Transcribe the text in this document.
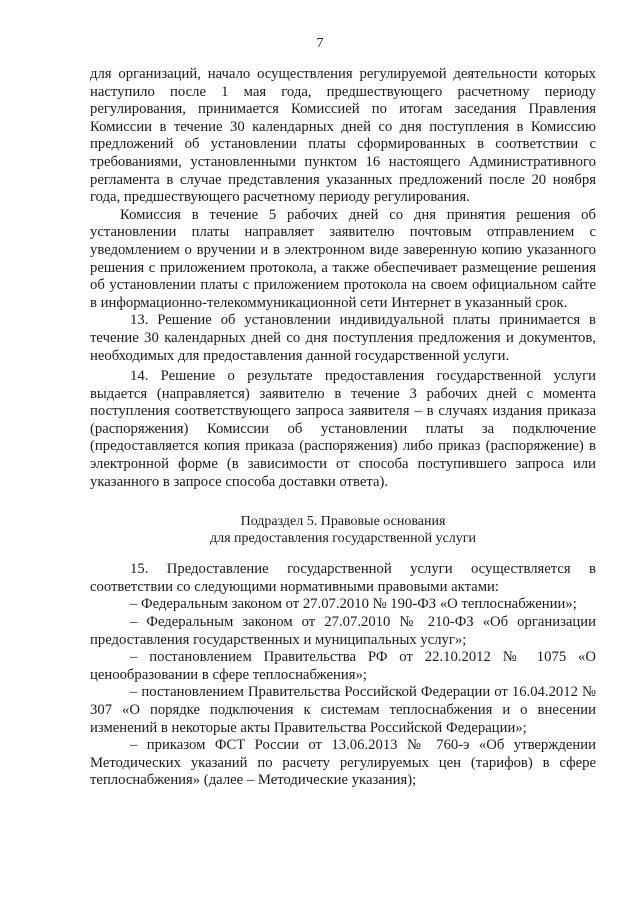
7

для организаций, начало осуществления регулируемой деятельности которых наступило после 1 мая года, предшествующего расчетному периоду регулирования, принимается Комиссией по итогам заседания Правления Комиссии в течение 30 календарных дней со дня поступления в Комиссию предложений об установлении платы сформированных в соответствии с требованиями, установленными пунктом 16 настоящего Административного регламента в случае представления указанных предложений после 20 ноября года, предшествующего расчетному периоду регулирования.

Комиссия в течение 5 рабочих дней со дня принятия решения об установлении платы направляет заявителю почтовым отправлением с уведомлением о вручении и в электронном виде заверенную копию указанного решения с приложением протокола, а также обеспечивает размещение решения об установлении платы с приложением протокола на своем официальном сайте в информационно-телекоммуникационной сети Интернет в указанный срок.

13. Решение об установлении индивидуальной платы принимается в течение 30 календарных дней со дня поступления предложения и документов, необходимых для предоставления данной государственной услуги.

14. Решение о результате предоставления государственной услуги выдается (направляется) заявителю в течение 3 рабочих дней с момента поступления соответствующего запроса заявителя – в случаях издания приказа (распоряжения) Комиссии об установлении платы за подключение (предоставляется копия приказа (распоряжения) либо приказ (распоряжение) в электронной форме (в зависимости от способа поступившего запроса или указанного в запросе способа доставки ответа).

Подраздел 5. Правовые основания
для предоставления государственной услуги

15. Предоставление государственной услуги осуществляется в соответствии со следующими нормативными правовыми актами:

– Федеральным законом от 27.07.2010 № 190-ФЗ «О теплоснабжении»;

– Федеральным законом от 27.07.2010 № 210-ФЗ «Об организации предоставления государственных и муниципальных услуг»;

– постановлением Правительства РФ от 22.10.2012 № 1075 «О ценообразовании в сфере теплоснабжения»;

– постановлением Правительства Российской Федерации от 16.04.2012 № 307 «О порядке подключения к системам теплоснабжения и о внесении изменений в некоторые акты Правительства Российской Федерации»;

– приказом ФСТ России от 13.06.2013 № 760-э «Об утверждении Методических указаний по расчету регулируемых цен (тарифов) в сфере теплоснабжения» (далее – Методические указания);
